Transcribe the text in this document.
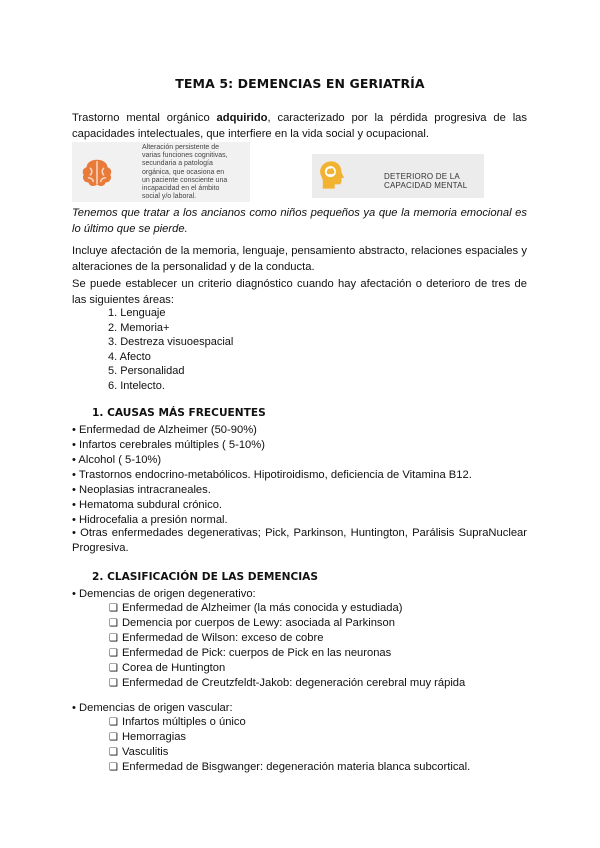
TEMA 5: DEMENCIAS EN GERIATRÍA
Trastorno mental orgánico adquirido, caracterizado por la pérdida progresiva de las capacidades intelectuales, que interfiere en la vida social y ocupacional.
Alteración persistente de
varias funciones cognitivas,
secundaria a patología
orgánica, que ocasiona en
un paciente consciente una
incapacidad en el ámbito
social y/o laboral.
DETERIORO DE LA
CAPACIDAD MENTAL
Tenemos que tratar a los ancianos como niños pequeños ya que la memoria emocional es lo último que se pierde.
Incluye afectación de la memoria, lenguaje, pensamiento abstracto, relaciones espaciales y alteraciones de la personalidad y de la conducta.
Se puede establecer un criterio diagnóstico cuando hay afectación o deterioro de tres de las siguientes áreas:
1. Lenguaje
2. Memoria+
3. Destreza visuoespacial
4. Afecto
5. Personalidad
6. Intelecto.
1. CAUSAS MÁS FRECUENTES
• Enfermedad de Alzheimer (50-90%)
• Infartos cerebrales múltiples ( 5-10%)
• Alcohol ( 5-10%)
• Trastornos endocrino-metabólicos. Hipotiroidismo, deficiencia de Vitamina B12.
• Neoplasias intracraneales.
• Hematoma subdural crónico.
• Hidrocefalia a presión normal.
• Otras enfermedades degenerativas; Pick, Parkinson, Huntington, Parálisis SupraNuclear Progresiva.
2. CLASIFICACIÓN DE LAS DEMENCIAS
• Demencias de origen degenerativo:
❑ Enfermedad de Alzheimer (la más conocida y estudiada)
❑ Demencia por cuerpos de Lewy: asociada al Parkinson
❑ Enfermedad de Wilson: exceso de cobre
❑ Enfermedad de Pick: cuerpos de Pick en las neuronas
❑ Corea de Huntington
❑ Enfermedad de Creutzfeldt-Jakob: degeneración cerebral muy rápida
• Demencias de origen vascular:
❑ Infartos múltiples o único
❑ Hemorragias
❑ Vasculitis
❑ Enfermedad de Bisgwanger: degeneración materia blanca subcortical.
